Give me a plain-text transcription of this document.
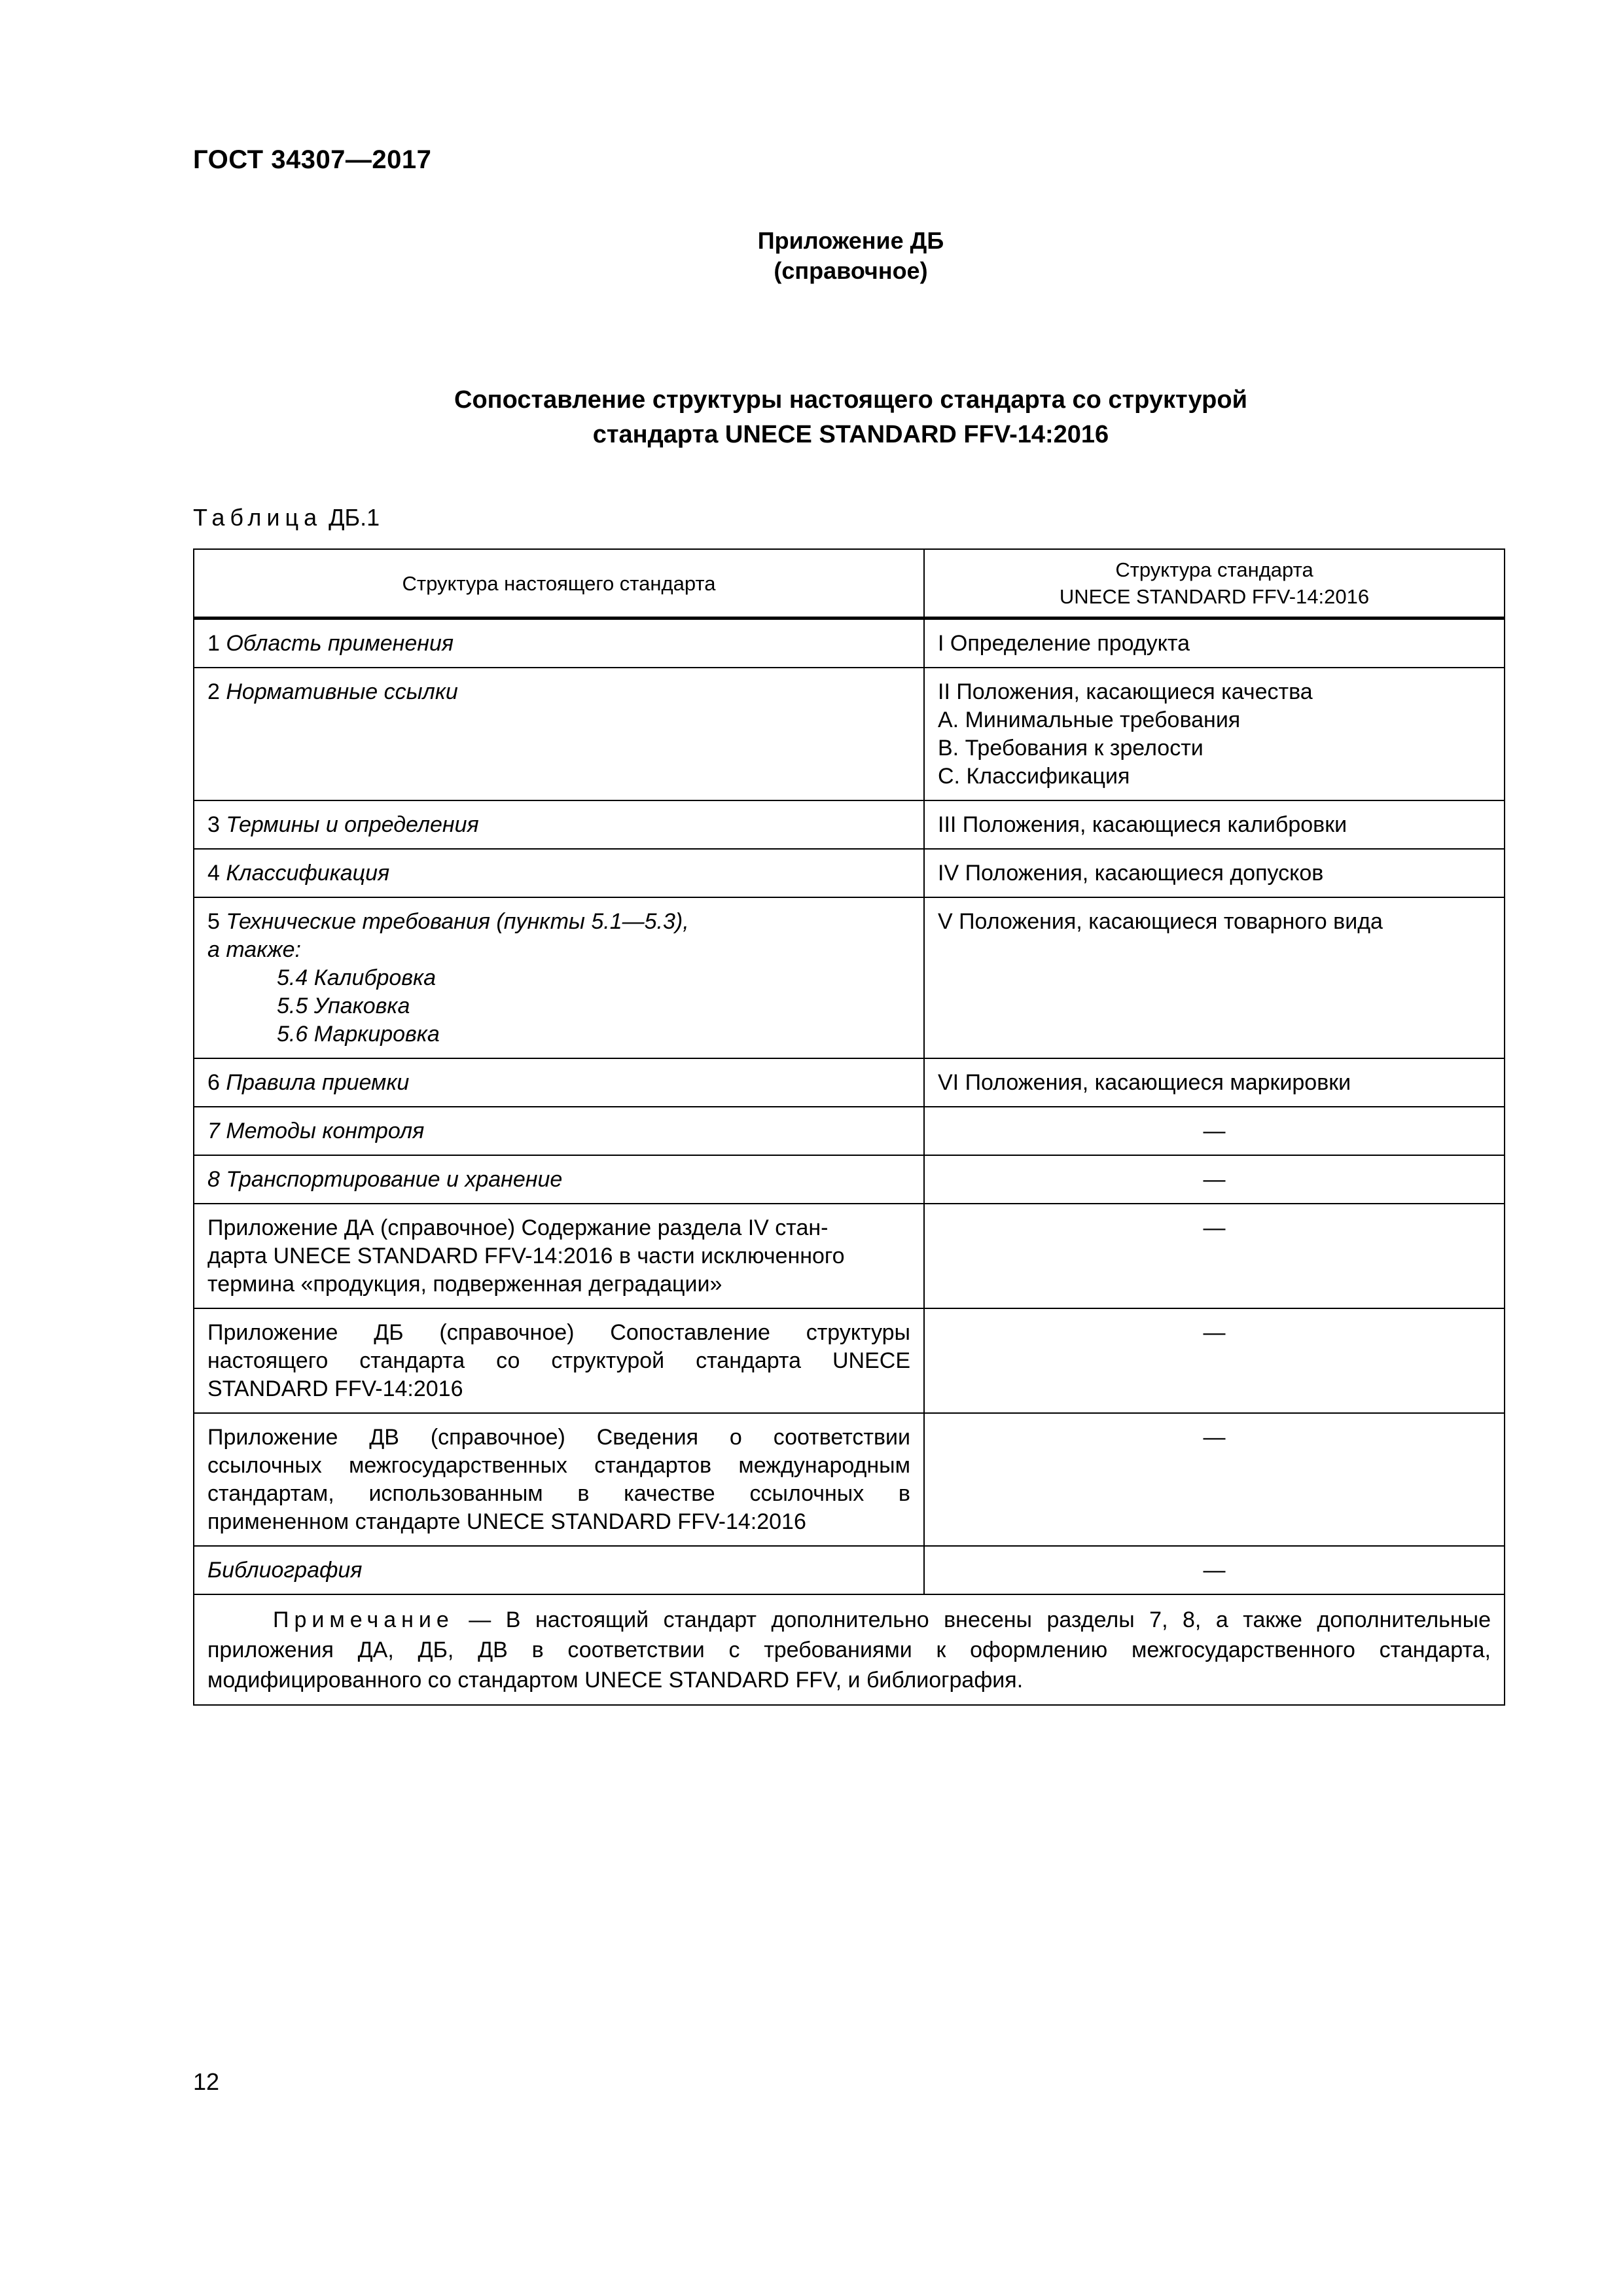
ГОСТ 34307—2017
Приложение ДБ
(справочное)
Сопоставление структуры настоящего стандарта со структурой
стандарта UNECE STANDARD FFV-14:2016
Таблица ДБ.1
Структура настоящего стандарта	Структура стандарта
UNECE STANDARD FFV-14:2016

1 Область применения	I Определение продукта

2 Нормативные ссылки	II Положения, касающиеся качества
А. Минимальные требования
В. Требования к зрелости
С. Классификация

3 Термины и определения	III Положения, касающиеся калибровки

4 Классификация	IV Положения, касающиеся допусков

5 Технические требования (пункты 5.1—5.3),
а также:
5.4 Калибровка
5.5 Упаковка
5.6 Маркировка	V Положения, касающиеся товарного вида

6 Правила приемки	VI Положения, касающиеся маркировки

7 Методы контроля	—
8 Транспортирование и хранение	—

Приложение ДА (справочное) Содержание раздела IV стан-
дарта UNECE STANDARD FFV-14:2016 в части исключенного
термина «продукция, подверженная деградации»	—

Приложение ДБ (справочное) Сопоставление структуры
настоящего стандарта со структурой стандарта UNECE
STANDARD FFV-14:2016	—

Приложение ДВ (справочное) Сведения о соответствии
ссылочных межгосударственных стандартов международным
стандартам, использованным в качестве ссылочных в
примененном стандарте UNECE STANDARD FFV-14:2016	—
Библиография	—
Примечание — В настоящий стандарт дополнительно внесены разделы 7, 8, а также дополнительные приложения ДА, ДБ, ДВ в соответствии с требованиями к оформлению межгосударственного стандарта, модифицированного со стандартом UNECE STANDARD FFV, и библиография.	
12
